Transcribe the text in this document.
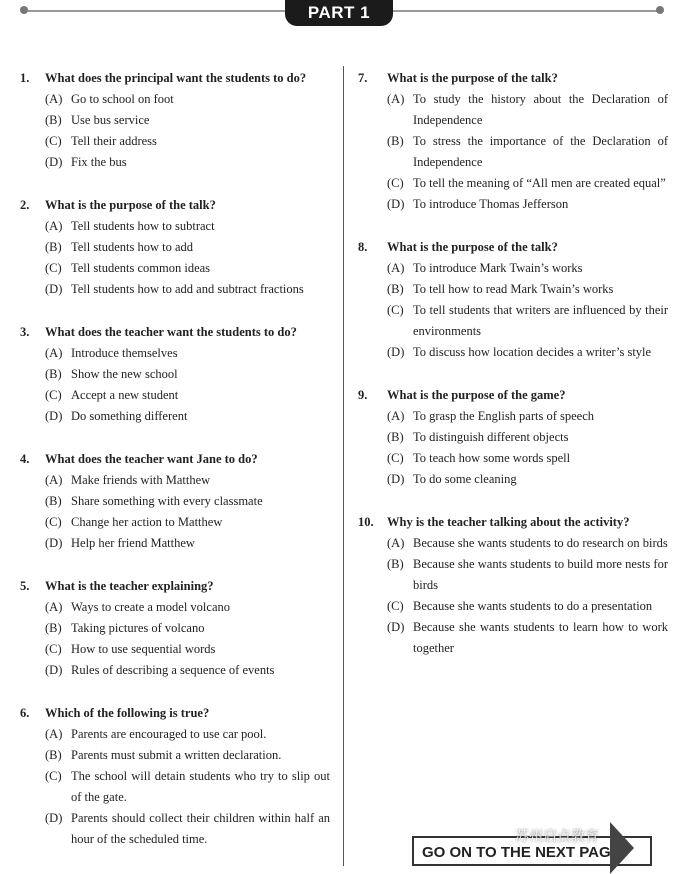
PART 1
1.	What does the principal want the students to do?
(A) Go to school on foot
(B) Use bus service
(C) Tell their address
(D) Fix the bus
2.	What is the purpose of the talk?
(A) Tell students how to subtract
(B) Tell students how to add
(C) Tell students common ideas
(D) Tell students how to add and subtract fractions
3.	What does the teacher want the students to do?
(A) Introduce themselves
(B) Show the new school
(C) Accept a new student
(D) Do something different
4.	What does the teacher want Jane to do?
(A) Make friends with Matthew
(B) Share something with every classmate
(C) Change her action to Matthew
(D) Help her friend Matthew
5.	What is the teacher explaining?
(A) Ways to create a model volcano
(B) Taking pictures of volcano
(C) How to use sequential words
(D) Rules of describing a sequence of events
6.	Which of the following is true?
(A) Parents are encouraged to use car pool.
(B) Parents must submit a written declaration.
(C) The school will detain students who try to slip out of the gate.
(D) Parents should collect their children within half an hour of the scheduled time.
7.	What is the purpose of the talk?
(A) To study the history about the Declaration of Independence
(B) To stress the importance of the Declaration of Independence
(C) To tell the meaning of “All men are created equal”
(D) To introduce Thomas Jefferson
8.	What is the purpose of the talk?
(A) To introduce Mark Twain’s works
(B) To tell how to read Mark Twain’s works
(C) To tell students that writers are influenced by their environments
(D) To discuss how location decides a writer’s style
9.	What is the purpose of the game?
(A) To grasp the English parts of speech
(B) To distinguish different objects
(C) To teach how some words spell
(D) To do some cleaning
10.	Why is the teacher talking about the activity?
(A) Because she wants students to do research on birds
(B) Because she wants students to build more nests for birds
(C) Because she wants students to do a presentation
(D) Because she wants students to learn how to work together
GO ON TO THE NEXT PAGE
苏州启点教育
